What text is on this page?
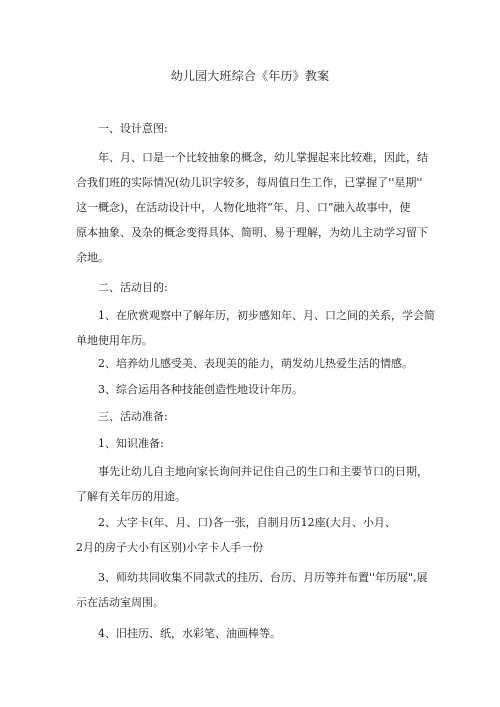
幼儿园大班综合《年历》教案
一、设计意图:
年、月、口是一个比较抽象的概念，幼儿掌握起来比较难，因此，结
合我们班的实际情况(幼儿识字较多，每周值日生工作，已掌握了''星期''
这一概念)，在活动设计中，人物化地将“年、月、口”融入故事中，使
原本抽象、及杂的概念变得具体、简明、易于理解，为幼儿主动学习留下
余地。
二、活动目的:
1、在欣赏观察中了解年历，初步感知年、月、口之间的关系，学会简
单地使用年历。
2、培养幼儿感受美、表现美的能力，萌发幼儿热爱生活的情感。
3、综合运用各种技能创造性地设计年历。
三、活动准备:
1、知识准备:
事先让幼儿自主地向家长询问并记住自己的生口和主要节口的日期，
了解有关年历的用途。
2、大字卡(年、月、口)各一张，自制月历12座(大月、小月、
2月的房子大小有区别)小字卡人手一份
3、师幼共同收集不同款式的挂历、台历、月历等并布置''年历展",展
示在活动室周围。
4、旧挂历、纸，水彩笔、油画棒等。
